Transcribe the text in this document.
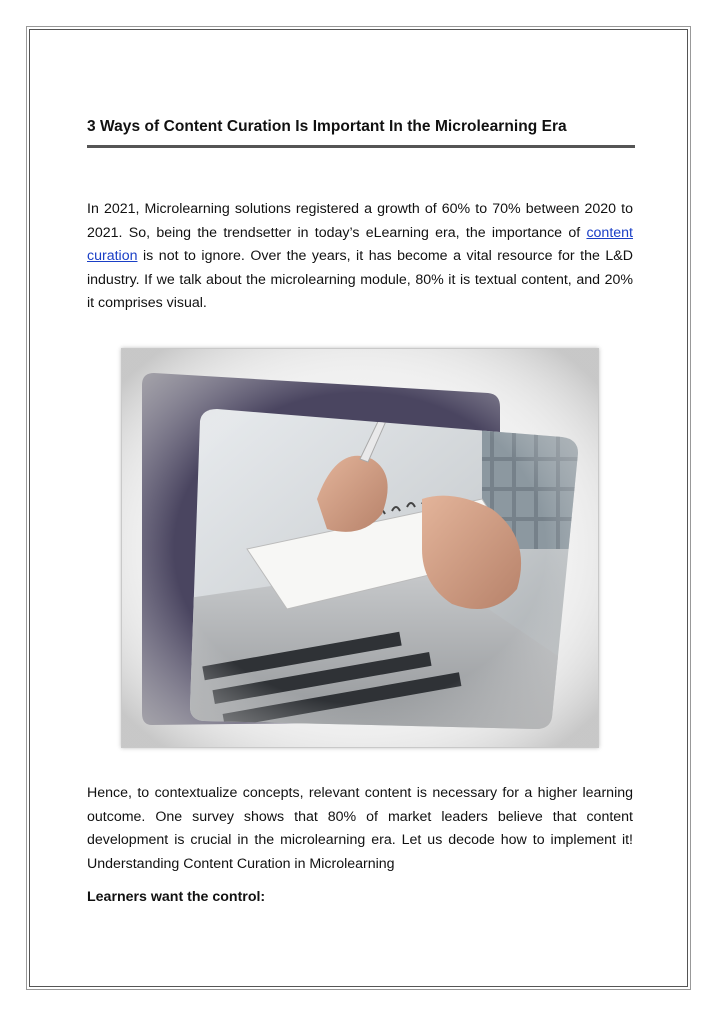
3 Ways of Content Curation Is Important In the Microlearning Era

In 2021, Microlearning solutions registered a growth of 60% to 70% between 2020 to 2021. So, being the trendsetter in today’s eLearning era, the importance of content curation is not to ignore. Over the years, it has become a vital resource for the L&D industry. If we talk about the microlearning module, 80% it is textual content, and 20% it comprises visual.

Hence, to contextualize concepts, relevant content is necessary for a higher learning outcome. One survey shows that 80% of market leaders believe that content development is crucial in the microlearning era. Let us decode how to implement it! Understanding Content Curation in Microlearning

Learners want the control:
